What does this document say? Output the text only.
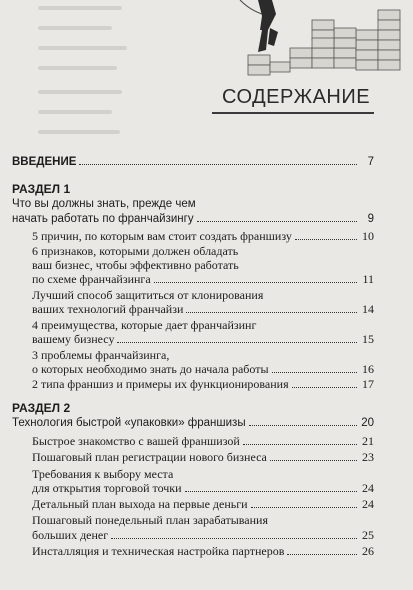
СОДЕРЖАНИЕ
ВВЕДЕНИЕ	7
РАЗДЕЛ 1
Что вы должны знать, прежде чем
начать работать по франчайзингу	9
5 причин, по которым вам стоит создать франшизу	10
6 признаков, которыми должен обладать
ваш бизнес, чтобы эффективно работать
по схеме франчайзинга	11
Лучший способ защититься от клонирования
ваших технологий франчайзи	14
4 преимущества, которые дает франчайзинг
вашему бизнесу	15
3 проблемы франчайзинга,
о которых необходимо знать до начала работы	16
2 типа франшиз и примеры их функционирования	17
РАЗДЕЛ 2
Технология быстрой «упаковки» франшизы	20
Быстрое знакомство с вашей франшизой	21
Пошаговый план регистрации нового бизнеса	23
Требования к выбору места
для открытия торговой точки	24
Детальный план выхода на первые деньги	24
Пошаговый понедельный план зарабатывания
больших денег	25
Инсталляция и техническая настройка партнеров	26
